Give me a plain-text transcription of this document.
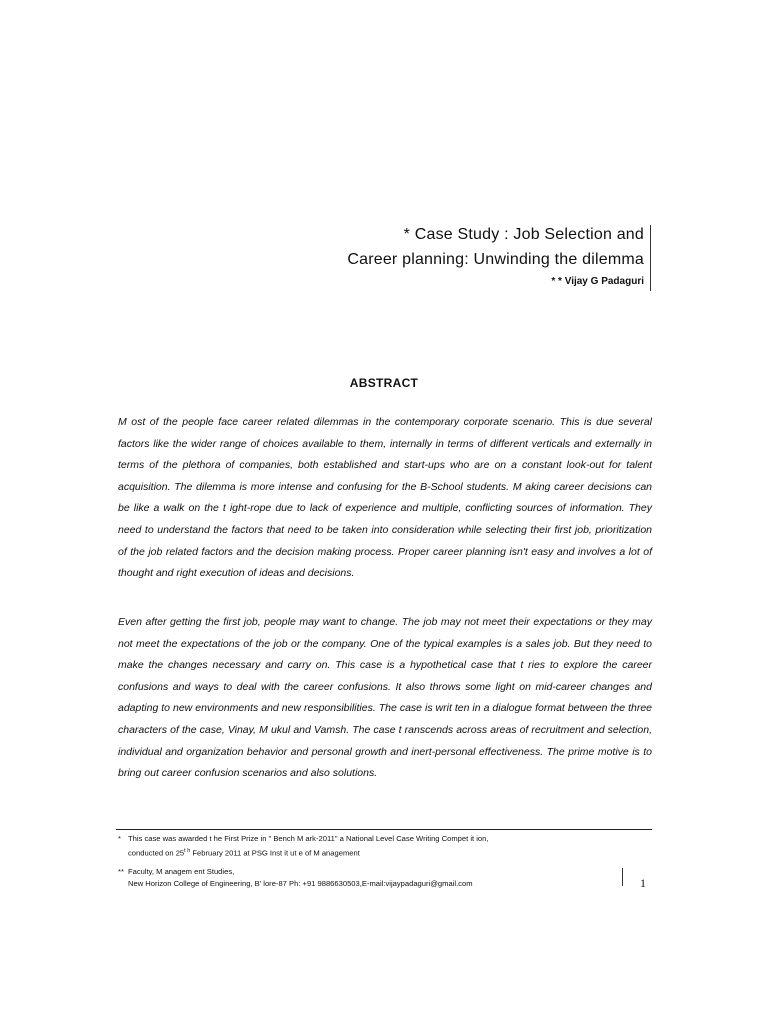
* Case Study : Job Selection and
Career planning: Unwinding the dilemma
* * Vijay G Padaguri
ABSTRACT

M ost of the people face career related dilemmas in the contemporary corporate scenario. This is due several factors like the wider range of choices available to them, internally in terms of different verticals and externally in terms of the plethora of companies, both established and start-ups who are on a constant look-out for talent acquisition. The dilemma is more intense and confusing for the B-School students. M aking career decisions can be like a walk on the t ight-rope due to lack of experience and multiple, conflicting sources of information. They need to understand the factors that need to be taken into consideration while selecting their first job, prioritization of the job related factors and the decision making process. Proper career planning isn't easy and involves a lot of thought and right execution of ideas and decisions.

Even after getting the first job, people may want to change. The job may not meet their expectations or they may not meet the expectations of the job or the company. One of the typical examples is a sales job. But they need to make the changes necessary and carry on. This case is a hypothetical case that t ries to explore the career confusions and ways to deal with the career confusions. It also throws some light on mid-career changes and adapting to new environments and new responsibilities. The case is writ ten in a dialogue format between the three characters of the case, Vinay, M ukul and Vamsh. The case t ranscends across areas of recruitment and selection, individual and organization behavior and personal growth and inert-personal effectiveness. The prime motive is to bring out career confusion scenarios and also solutions.

* This case was awarded t he First Prize in " Bench M ark-2011" a National Level Case Writing Compet it ion,
conducted on $25^{t h}$ February 2011 at PSG Inst it ut e of M anagement
** Faculty, M anagem ent Studies,
New Horizon College of Engineering, B' lore-87 Ph: +91 9886630503,E-mail:vijaypadaguri@gmail.com	1
